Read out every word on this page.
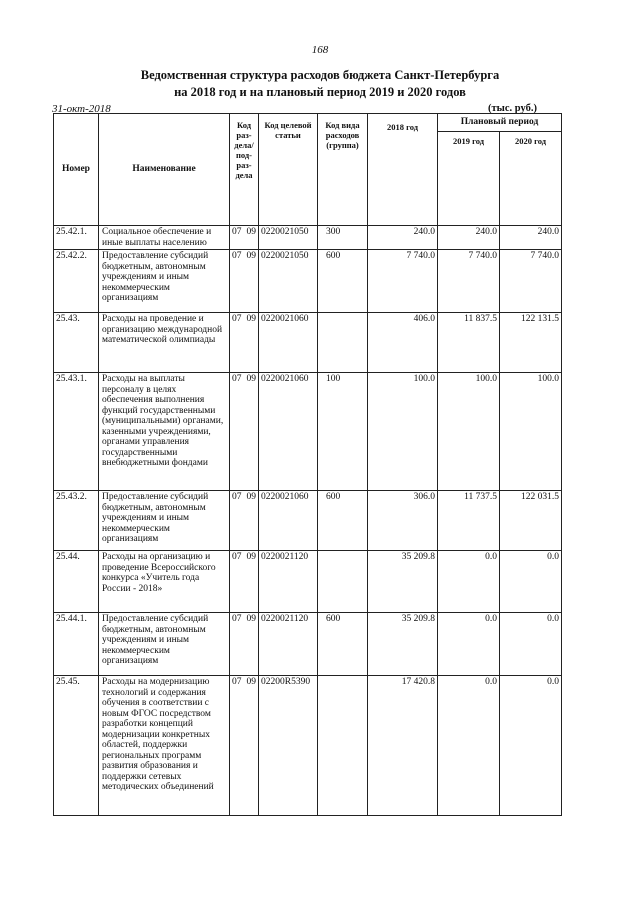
168
Ведомственная структура расходов бюджета Санкт-Петербурга
на 2018 год и на плановый период 2019 и 2020 годов
31-окт-2018	(тыс. руб.)
Номер	Наименование	Код раз- дела/ под- раз- дела	Код целевой статьи	Код вида расходов (группа)	2018 год	Плановый период	
						2019 год	2020 год
25.42.1.	Социальное обеспечение и иные выплаты населению	07 09	0220021050	300	240.0	240.0	240.0
25.42.2.	Предоставление субсидий бюджетным, автономным учреждениям и иным некоммерческим организациям	07 09	0220021050	600	7 740.0	7 740.0	7 740.0
25.43.	Расходы на проведение и организацию международной математической олимпиады	07 09	0220021060		406.0	11 837.5	122 131.5
25.43.1.	Расходы на выплаты персоналу в целях обеспечения выполнения функций государственными (муниципальными) органами, казенными учреждениями, органами управления государственными внебюджетными фондами	07 09	0220021060	100	100.0	100.0	100.0
25.43.2.	Предоставление субсидий бюджетным, автономным учреждениям и иным некоммерческим организациям	07 09	0220021060	600	306.0	11 737.5	122 031.5
25.44.	Расходы на организацию и проведение Всероссийского конкурса «Учитель года России - 2018»	07 09	0220021120		35 209.8	0.0	0.0
25.44.1.	Предоставление субсидий бюджетным, автономным учреждениям и иным некоммерческим организациям	07 09	0220021120	600	35 209.8	0.0	0.0
25.45.	Расходы на модернизацию технологий и содержания обучения в соответствии с новым ФГОС посредством разработки концепций модернизации конкретных областей, поддержки региональных программ развития образования и поддержки сетевых методических объединений	07 09	02200R5390		17 420.8	0.0	0.0
